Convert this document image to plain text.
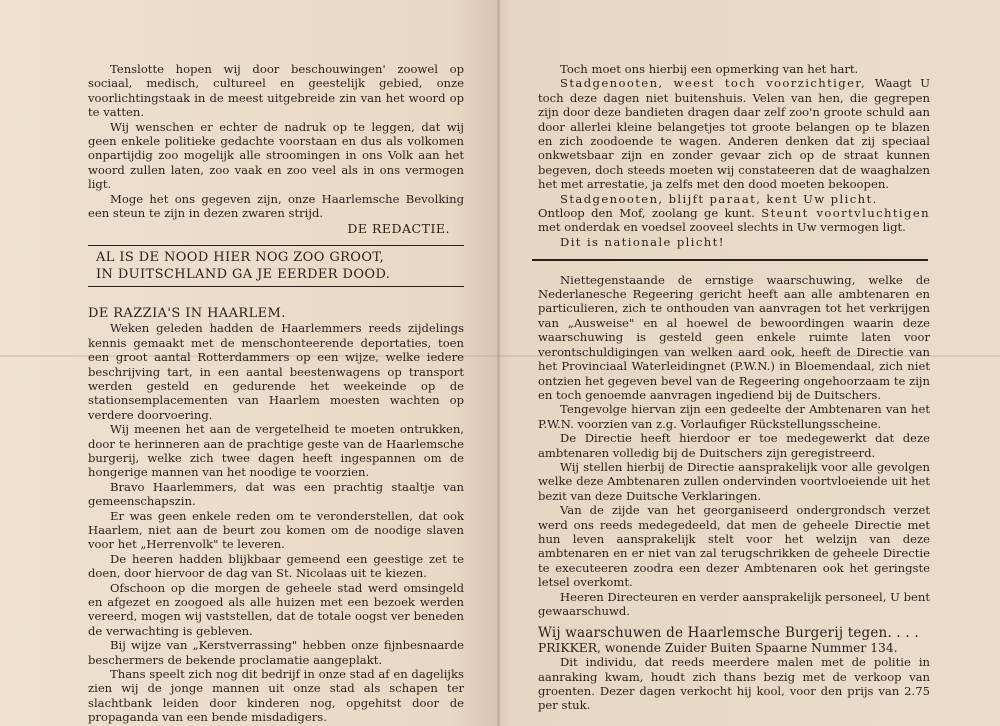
Tenslotte hopen wij door beschouwingen' zoowel op sociaal, medisch, cultureel en geestelijk gebied, onze voorlichtingstaak in de meest uitgebreide zin van het woord op te vatten.

Wij wenschen er echter de nadruk op te leggen, dat wij geen enkele politieke gedachte voorstaan en dus als volkomen onpartijdig zoo mogelijk alle stroomingen in ons Volk aan het woord zullen laten, zoo vaak en zoo veel als in ons vermogen ligt.

Moge het ons gegeven zijn, onze Haarlemsche Bevolking een steun te zijn in dezen zwaren strijd.

DE REDACTIE.

AL IS DE NOOD HIER NOG ZOO GROOT,
IN DUITSCHLAND GA JE EERDER DOOD.
DE RAZZIA'S IN HAARLEM.

Weken geleden hadden de Haarlemmers reeds zijdelings kennis gemaakt met de menschonteerende deportaties, toen een groot aantal Rotterdammers op een wijze, welke iedere beschrijving tart, in een aantal beestenwagens op transport werden gesteld en gedurende het weekeinde op de stationsemplacementen van Haarlem moesten wachten op verdere doorvoering.

Wij meenen het aan de vergetelheid te moeten ontrukken, door te herinneren aan de prachtige geste van de Haarlemsche burgerij, welke zich twee dagen heeft ingespannen om de hongerige mannen van het noodige te voorzien.

Bravo Haarlemmers, dat was een prachtig staaltje van gemeenschapszin.

Er was geen enkele reden om te veronderstellen, dat ook Haarlem, niet aan de beurt zou komen om de noodige slaven voor het „Herrenvolk" te leveren.

De heeren hadden blijkbaar gemeend een geestige zet te doen, door hiervoor de dag van St. Nicolaas uit te kiezen.

Ofschoon op die morgen de geheele stad werd omsingeld en afgezet en zoogoed als alle huizen met een bezoek werden vereerd, mogen wij vaststellen, dat de totale oogst ver beneden de verwachting is gebleven.

Bij wijze van „Kerstverrassing" hebben onze fijnbesnaarde beschermers de bekende proclamatie aangeplakt.

Thans speelt zich nog dit bedrijf in onze stad af en dagelijks zien wij de jonge mannen uit onze stad als schapen ter slachtbank leiden door kinderen nog, opgehitst door de propaganda van een bende misdadigers.

Toch moet ons hierbij een opmerking van het hart.

Stadgenooten, weest toch voorzichtiger, Waagt U toch deze dagen niet buitenshuis. Velen van hen, die gegrepen zijn door deze bandieten dragen daar zelf zoo'n groote schuld aan door allerlei kleine belangetjes tot groote belangen op te blazen en zich zoodoende te wagen. Anderen denken dat zij speciaal onkwetsbaar zijn en zonder gevaar zich op de straat kunnen begeven, doch steeds moeten wij constateeren dat de waaghalzen het met arrestatie, ja zelfs met den dood moeten bekoopen.

Stadgenooten, blijft paraat, kent Uw plicht.

Ontloop den Mof, zoolang ge kunt. Steunt voortvluchtigen met onderdak en voedsel zooveel slechts in Uw vermogen ligt.

Dit is nationale plicht!

Niettegenstaande de ernstige waarschuwing, welke de Nederlanesche Regeering gericht heeft aan alle ambtenaren en particulieren, zich te onthouden van aanvragen tot het verkrijgen van „Ausweise" en al hoewel de bewoordingen waarin deze waarschuwing is gesteld geen enkele ruimte laten voor verontschuldigingen van welken aard ook, heeft de Directie van het Provinciaal Waterleidingnet (P.W.N.) in Bloemendaal, zich niet ontzien het gegeven bevel van de Regeering ongehoorzaam te zijn en toch genoemde aanvragen ingediend bij de Duitschers.

Tengevolge hiervan zijn een gedeelte der Ambtenaren van het P.W.N. voorzien van z.g. Vorlaufiger Rückstellungsscheine.

De Directie heeft hierdoor er toe medegewerkt dat deze ambtenaren volledig bij de Duitschers zijn geregistreerd.

Wij stellen hierbij de Directie aansprakelijk voor alle gevolgen welke deze Ambtenaren zullen ondervinden voortvloeiende uit het bezit van deze Duitsche Verklaringen.

Van de zijde van het georganiseerd ondergrondsch verzet werd ons reeds medegedeeld, dat men de geheele Directie met hun leven aansprakelijk stelt voor het welzijn van deze ambtenaren en er niet van zal terugschrikken de geheele Directie te executeeren zoodra een dezer Ambtenaren ook het geringste letsel overkomt.

Heeren Directeuren en verder aansprakelijk personeel, U bent gewaarschuwd.

Wij waarschuwen de Haarlemsche Burgerij tegen. . . .

PRIKKER, wonende Zuider Buiten Spaarne Nummer 134.

Dit individu, dat reeds meerdere malen met de politie in aanraking kwam, houdt zich thans bezig met de verkoop van groenten. Dezer dagen verkocht hij kool, voor den prijs van 2.75 per stuk.
